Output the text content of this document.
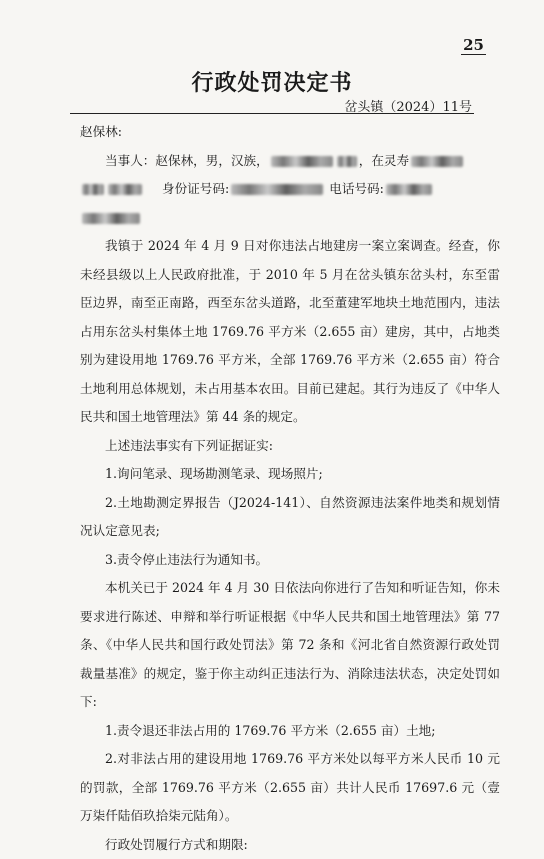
25
行政处罚决定书
岔头镇（2024）11号

赵保林:

当事人：赵保林，男，汉族，	，在灵寿

身份证号码:	电话号码:

我镇于 2024 年 4 月 9 日对你违法占地建房一案立案调查。经查，你未经县级以上人民政府批准，于 2010 年 5 月在岔头镇东岔头村，东至雷臣边界，南至正南路，西至东岔头道路，北至董建军地块土地范围内，违法占用东岔头村集体土地 1769.76 平方米（2.655 亩）建房，其中，占地类别为建设用地 1769.76 平方米，全部 1769.76 平方米（2.655 亩）符合土地利用总体规划，未占用基本农田。目前已建起。其行为违反了《中华人民共和国土地管理法》第 44 条的规定。

上述违法事实有下列证据证实:

1.询问笔录、现场勘测笔录、现场照片;

2.土地勘测定界报告（J2024-141）、自然资源违法案件地类和规划情况认定意见表;

3.责令停止违法行为通知书。

本机关已于 2024 年 4 月 30 日依法向你进行了告知和听证告知，你未要求进行陈述、申辩和举行听证根据《中华人民共和国土地管理法》第 77 条、《中华人民共和国行政处罚法》第 72 条和《河北省自然资源行政处罚裁量基准》的规定，鉴于你主动纠正违法行为、消除违法状态，决定处罚如下:

1.责令退还非法占用的 1769.76 平方米（2.655 亩）土地;

2.对非法占用的建设用地 1769.76 平方米处以每平方米人民币 10 元的罚款，全部 1769.76 平方米（2.655 亩）共计人民币 17697.6 元（壹万柒仟陆佰玖拾柒元陆角）。

行政处罚履行方式和期限:
